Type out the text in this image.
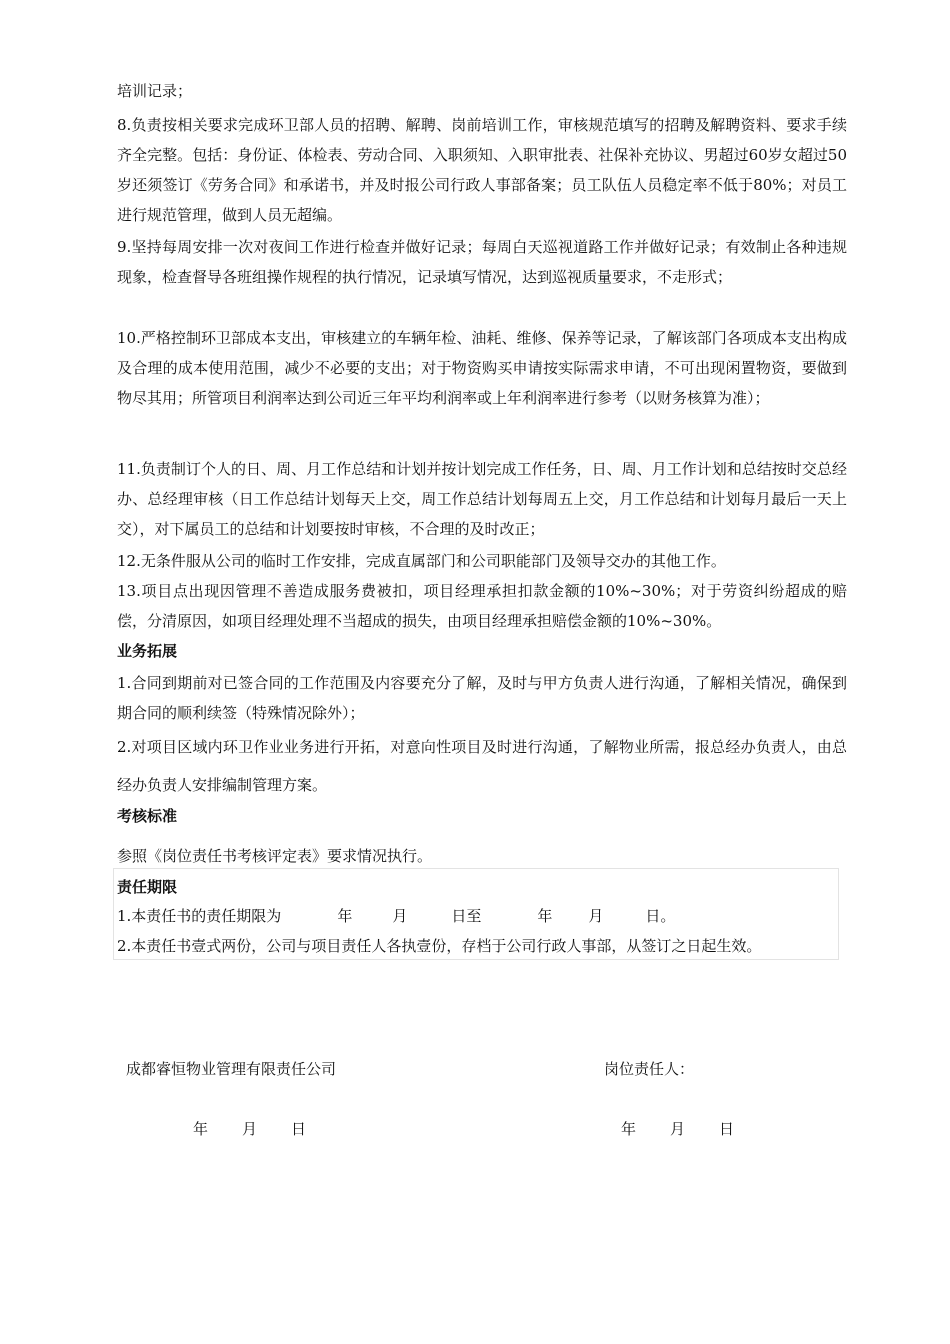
培训记录；
8.负责按相关要求完成环卫部人员的招聘、解聘、岗前培训工作，审核规范填写的招聘及解聘资料、要求手续齐全完整。包括：身份证、体检表、劳动合同、入职须知、入职审批表、社保补充协议、男超过60岁女超过50岁还须签订《劳务合同》和承诺书，并及时报公司行政人事部备案；员工队伍人员稳定率不低于80%；对员工进行规范管理，做到人员无超编。
9.坚持每周安排一次对夜间工作进行检查并做好记录；每周白天巡视道路工作并做好记录；有效制止各种违规现象，检查督导各班组操作规程的执行情况，记录填写情况，达到巡视质量要求，不走形式；
10.严格控制环卫部成本支出，审核建立的车辆年检、油耗、维修、保养等记录，了解该部门各项成本支出构成及合理的成本使用范围，减少不必要的支出；对于物资购买申请按实际需求申请，不可出现闲置物资，要做到物尽其用；所管项目利润率达到公司近三年平均利润率或上年利润率进行参考（以财务核算为准）；
11.负责制订个人的日、周、月工作总结和计划并按计划完成工作任务，日、周、月工作计划和总结按时交总经办、总经理审核（日工作总结计划每天上交，周工作总结计划每周五上交，月工作总结和计划每月最后一天上交），对下属员工的总结和计划要按时审核，不合理的及时改正；
12.无条件服从公司的临时工作安排，完成直属部门和公司职能部门及领导交办的其他工作。
13.项目点出现因管理不善造成服务费被扣，项目经理承担扣款金额的10%~30%；对于劳资纠纷超成的赔偿，分清原因，如项目经理处理不当超成的损失，由项目经理承担赔偿金额的10%~30%。
业务拓展
1.合同到期前对已签合同的工作范围及内容要充分了解，及时与甲方负责人进行沟通，了解相关情况，确保到期合同的顺利续签（特殊情况除外）；
2.对项目区域内环卫作业业务进行开拓，对意向性项目及时进行沟通，了解物业所需，报总经办负责人，由总经办负责人安排编制管理方案。
考核标准
参照《岗位责任书考核评定表》要求情况执行。
责任期限
1.本责任书的责任期限为	年	月	日至	年 月	日。
2.本责任书壹式两份，公司与项目责任人各执壹份，存档于公司行政人事部，从签订之日起生效。
成都睿恒物业管理有限责任公司	岗位责任人：
年 月 日	年 月 日
